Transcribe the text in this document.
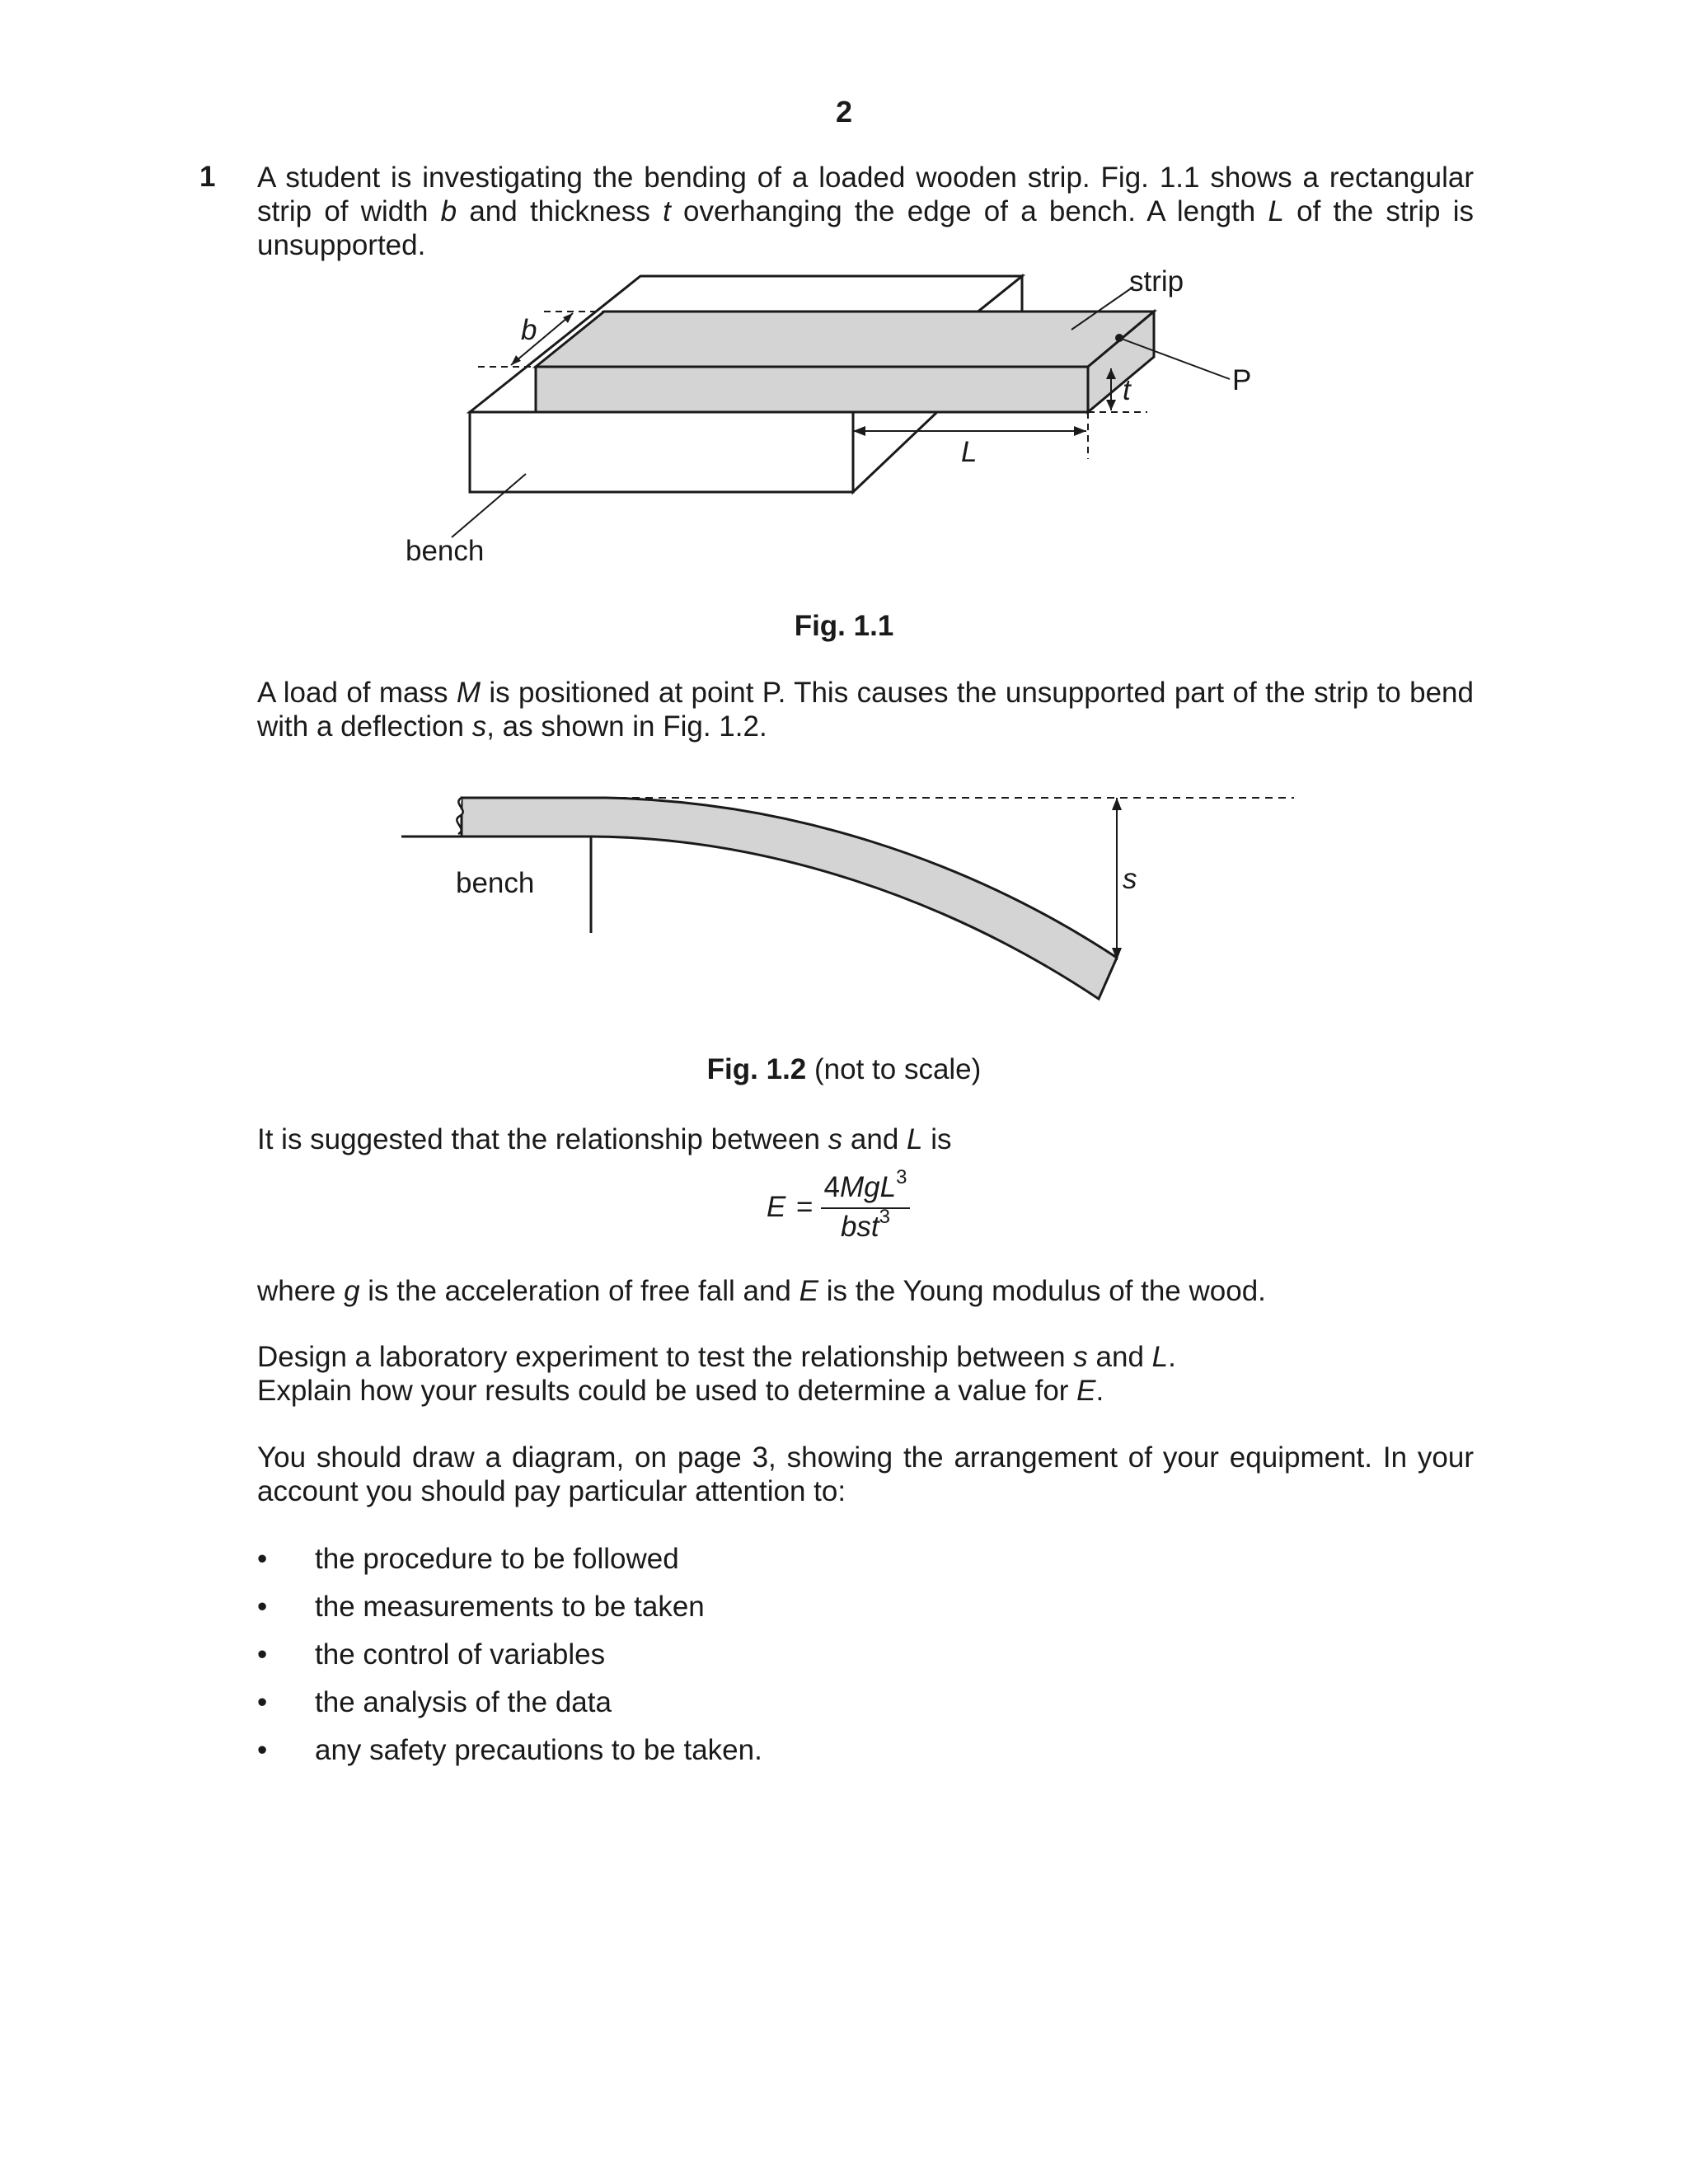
2
1 A student is investigating the bending of a loaded wooden strip. Fig. 1.1 shows a rectangular strip of width b and thickness t overhanging the edge of a bench. A length L of the strip is unsupported.
b
strip
P
t
L
bench
Fig. 1.1
A load of mass M is positioned at point P. This causes the unsupported part of the strip to bend with a deflection s, as shown in Fig. 1.2.
s
bench
Fig. 1.2 (not to scale)
It is suggested that the relationship between s and L is
E =
4MgL$^3$
bst$^3$
where g is the acceleration of free fall and E is the Young modulus of the wood.
Design a laboratory experiment to test the relationship between s and L.
Explain how your results could be used to determine a value for E.
You should draw a diagram, on page 3, showing the arrangement of your equipment. In your account you should pay particular attention to:
• the procedure to be followed
• the measurements to be taken
• the control of variables
• the analysis of the data
• any safety precautions to be taken.
